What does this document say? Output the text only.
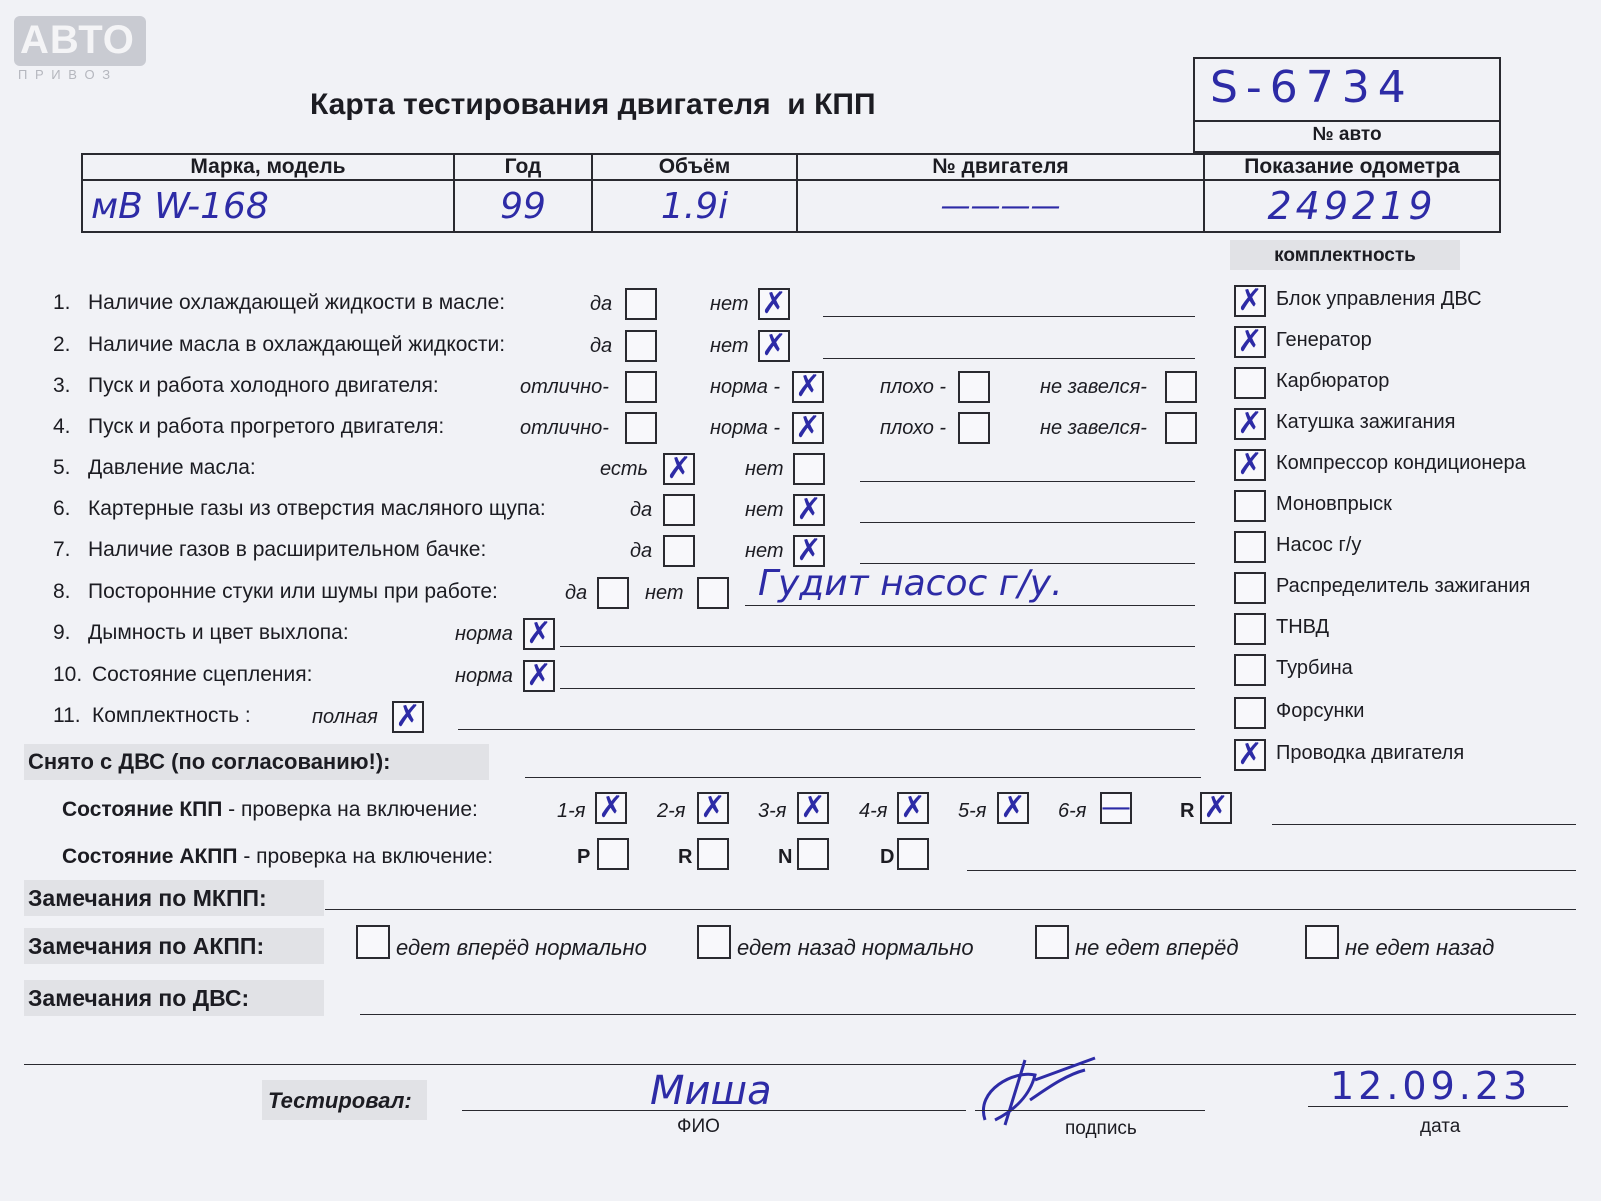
АВТО
П Р И В О З
Карта тестирования двигателя  и КПП	S-6734
№ авто
Марка, модель	Год	Объём	№ двигателя	Показание одометра
мВ W-168	99	1.9i	————	249219
комплектность
Снято с ДВС (по согласованию!):
Состояние КПП - проверка на включение:
Состояние АКПП - проверка на включение:
Замечания по МКПП:
Замечания по АКПП:
Замечания по ДВС:
Тестировал:	Миша
ФИО	подпись
12.09.23
дата
✗ Блок управления ДВС
✗ Генератор
Карбюратор
✗ Катушка зажигания
✗ Компрессор кондиционера
Моновпрыск
Насос г/у
Распределитель зажигания
ТНВД
Турбина
Форсунки
✗ Проводка двигателя
1. Наличие охлаждающей жидкости в масле:	да	нет ✗
2. Наличие масла в охлаждающей жидкости:	да	нет ✗
3. Пуск и работа холодного двигателя:	отлично-	норма - ✗	плохо -	не завелся-
4. Пуск и работа прогретого двигателя:	отлично-	норма - ✗	плохо -	не завелся-
5. Давление масла:	есть ✗	нет
6. Картерные газы из отверстия масляного щупа:	да	нет ✗
7. Наличие газов в расширительном бачке:	да	нет ✗
8. Посторонние стуки или шумы при работе:	да	нет Гудит насос г/у.
9. Дымность и цвет выхлопа:	норма ✗
10. Состояние сцепления:	норма ✗
11. Комплектность :	полная ✗
1-я ✗ 2-я ✗ 3-я ✗ 4-я ✗ 5-я ✗ 6-я — R ✗
P	R	N	D
едет вперёд нормально	едет назад нормально	не едет вперёд	не едет назад
